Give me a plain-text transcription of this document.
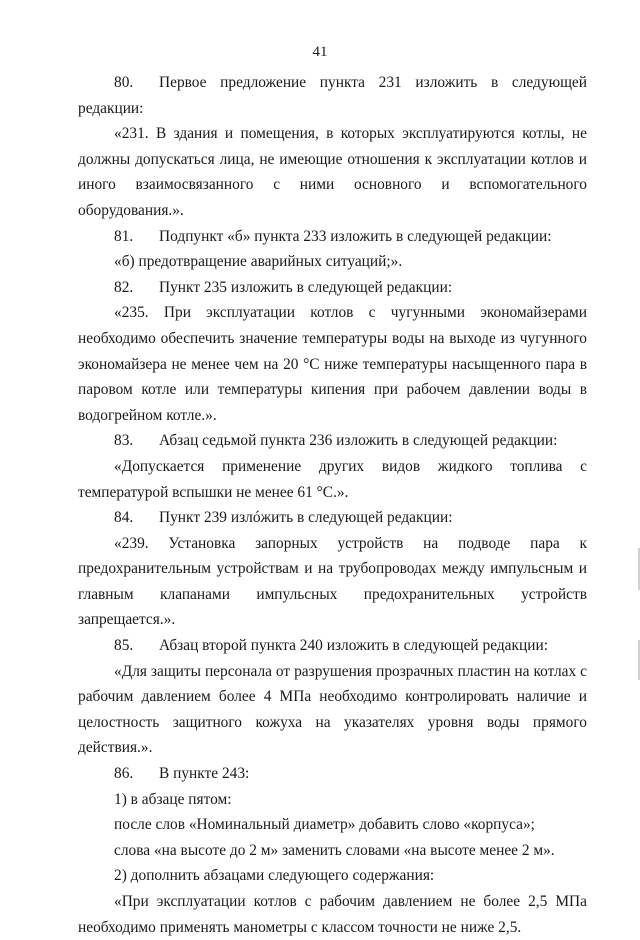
41

80. Первое предложение пункта 231 изложить в следующей редакции:

«231. В здания и помещения, в которых эксплуатируются котлы, не должны допускаться лица, не имеющие отношения к эксплуатации котлов и иного взаимосвязанного с ними основного и вспомогательного оборудования.».

81. Подпункт «б» пункта 233 изложить в следующей редакции:

«б) предотвращение аварийных ситуаций;».

82. Пункт 235 изложить в следующей редакции:

«235. При эксплуатации котлов с чугунными экономайзерами необходимо обеспечить значение температуры воды на выходе из чугунного экономайзера не менее чем на 20 °C ниже температуры насыщенного пара в паровом котле или температуры кипения при рабочем давлении воды в водогрейном котле.».

83. Абзац седьмой пункта 236 изложить в следующей редакции:

«Допускается применение других видов жидкого топлива с температурой вспышки не менее 61 °C.».

84. Пункт 239 излóжить в следующей редакции:

«239. Установка запорных устройств на подводе пара к предохранительным устройствам и на трубопроводах между импульсным и главным клапанами импульсных предохранительных устройств запрещается.».

85. Абзац второй пункта 240 изложить в следующей редакции:

«Для защиты персонала от разрушения прозрачных пластин на котлах с рабочим давлением более 4 МПа необходимо контролировать наличие и целостность защитного кожуха на указателях уровня воды прямого действия.».

86. В пункте 243:

1) в абзаце пятом:

после слов «Номинальный диаметр» добавить слово «корпуса»;

слова «на высоте до 2 м» заменить словами «на высоте менее 2 м».

2) дополнить абзацами следующего содержания:

«При эксплуатации котлов с рабочим давлением не более 2,5 МПа необходимо применять манометры с классом точности не ниже 2,5.
